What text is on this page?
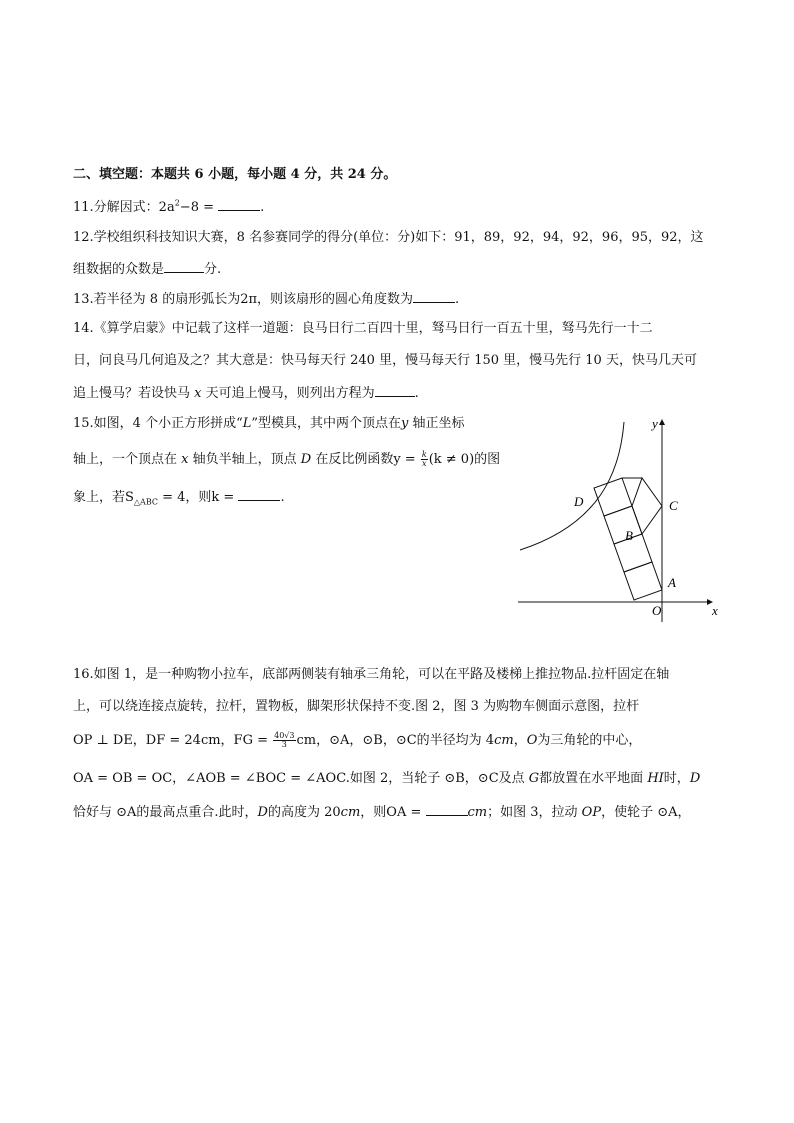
二、填空题：本题共 6 小题，每小题 4 分，共 24 分。
11.分解因式：$2a^2-8$ =	.
12.学校组织科技知识大赛，8 名参赛同学的得分(单位：分)如下：91，89，92，94，92，96，95，92，这
组数据的众数是	分.
13.若半径为 8 的扇形弧长为2π，则该扇形的圆心角度数为	.
14.《算学启蒙》中记载了这样一道题：良马日行二百四十里，驽马日行一百五十里，驽马先行一十二
日，问良马几何追及之？其大意是：快马每天行 240 里，慢马每天行 150 里，慢马先行 10 天，快马几天可
追上慢马？若设快马 x 天可追上慢马，则列出方程为	.
15.如图，4 个小正方形拼成“L”型模具，其中两个顶点在y 轴正坐标
轴上，一个顶点在 x 轴负半轴上，顶点 D 在反比例函数$y = \frac{k}{x} (k \ne 0)$的图
象上，若$S_{\triangle ABC} = 4$，则k =	.
y
x
O
A
B
C
D
16.如图 1，是一种购物小拉车，底部两侧装有轴承三角轮，可以在平路及楼梯上推拉物品.拉杆固定在轴
上，可以绕连接点旋转，拉杆，置物板，脚架形状保持不变.图 2，图 3 为购物车侧面示意图，拉杆
OP ⊥ DE，DF = 24cm，FG = $\frac{40√3}{3}$ cm，⊙A，⊙B，⊙C的半径均为 4cm，O为三角轮的中心，
OA = OB = OC，∠AOB = ∠BOC = ∠AOC.如图 2，当轮子 ⊙B，⊙C及点 G都放置在水平地面 HI时，D
恰好与 ⊙A的最高点重合.此时，D的高度为 20cm，则OA =	cm；如图 3，拉动 OP，使轮子 ⊙A，
